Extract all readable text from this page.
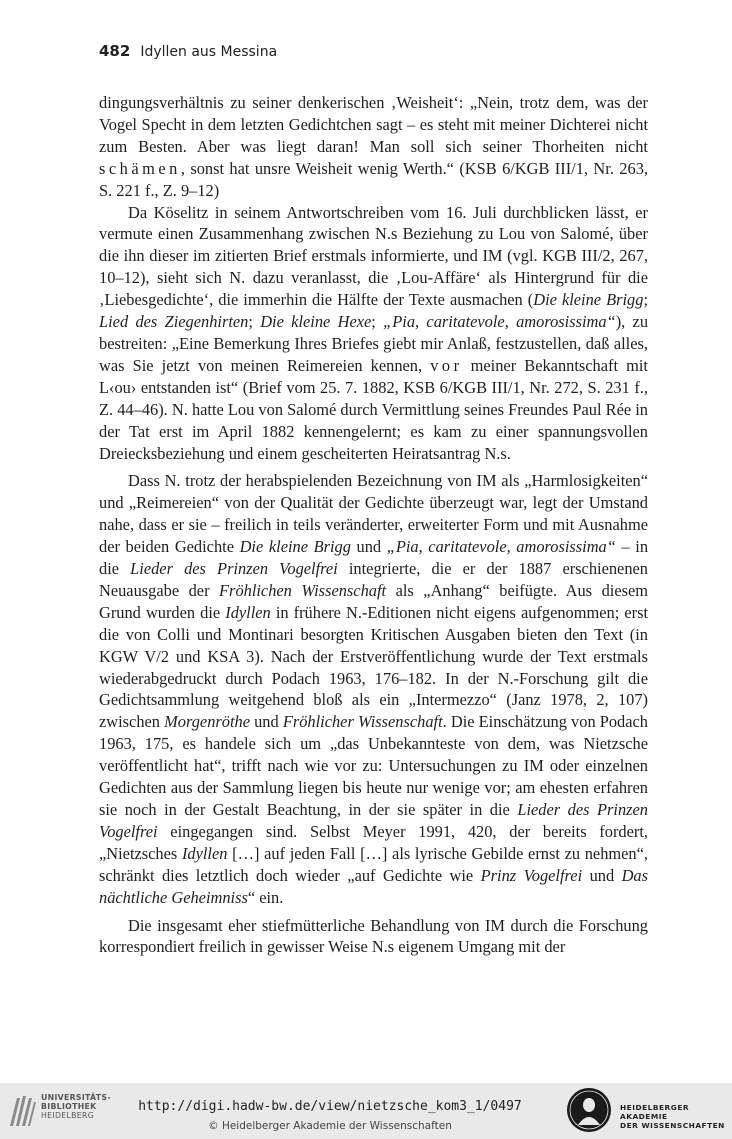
482 Idyllen aus Messina

dingungsverhältnis zu seiner denkerischen ‚Weisheit‘: „Nein, trotz dem, was der Vogel Specht in dem letzten Gedichtchen sagt – es steht mit meiner Dichterei nicht zum Besten. Aber was liegt daran! Man soll sich seiner Thorheiten nicht schämen, sonst hat unsre Weisheit wenig Werth.“ (KSB 6/KGB III/1, Nr. 263, S. 221 f., Z. 9–12)

Da Köselitz in seinem Antwortschreiben vom 16. Juli durchblicken lässt, er vermute einen Zusammenhang zwischen N.s Beziehung zu Lou von Salomé, über die ihn dieser im zitierten Brief erstmals informierte, und IM (vgl. KGB III/2, 267, 10–12), sieht sich N. dazu veranlasst, die ‚Lou-Affäre‘ als Hintergrund für die ‚Liebesgedichte‘, die immerhin die Hälfte der Texte ausmachen (Die kleine Brigg; Lied des Ziegenhirten; Die kleine Hexe; „Pia, caritatevole, amorosissima“), zu bestreiten: „Eine Bemerkung Ihres Briefes giebt mir Anlaß, festzustellen, daß alles, was Sie jetzt von meinen Reimereien kennen, vor meiner Bekanntschaft mit L‹ou› entstanden ist“ (Brief vom 25. 7. 1882, KSB 6/KGB III/1, Nr. 272, S. 231 f., Z. 44–46). N. hatte Lou von Salomé durch Vermittlung seines Freundes Paul Rée in der Tat erst im April 1882 kennengelernt; es kam zu einer spannungsvollen Dreiecksbeziehung und einem gescheiterten Heiratsantrag N.s.

Dass N. trotz der herabspielenden Bezeichnung von IM als „Harmlosigkeiten“ und „Reimereien“ von der Qualität der Gedichte überzeugt war, legt der Umstand nahe, dass er sie – freilich in teils veränderter, erweiterter Form und mit Ausnahme der beiden Gedichte Die kleine Brigg und „Pia, caritatevole, amorosissima“ – in die Lieder des Prinzen Vogelfrei integrierte, die er der 1887 erschienenen Neuausgabe der Fröhlichen Wissenschaft als „Anhang“ beifügte. Aus diesem Grund wurden die Idyllen in frühere N.-Editionen nicht eigens aufgenommen; erst die von Colli und Montinari besorgten Kritischen Ausgaben bieten den Text (in KGW V/2 und KSA 3). Nach der Erstveröffentlichung wurde der Text erstmals wiederabgedruckt durch Podach 1963, 176–182. In der N.-Forschung gilt die Gedichtsammlung weitgehend bloß als ein „Intermezzo“ (Janz 1978, 2, 107) zwischen Morgenröthe und Fröhlicher Wissenschaft. Die Einschätzung von Podach 1963, 175, es handele sich um „das Unbekannteste von dem, was Nietzsche veröffentlicht hat“, trifft nach wie vor zu: Untersuchungen zu IM oder einzelnen Gedichten aus der Sammlung liegen bis heute nur wenige vor; am ehesten erfahren sie noch in der Gestalt Beachtung, in der sie später in die Lieder des Prinzen Vogelfrei eingegangen sind. Selbst Meyer 1991, 420, der bereits fordert, „Nietzsches Idyllen […] auf jeden Fall […] als lyrische Gebilde ernst zu nehmen“, schränkt dies letztlich doch wieder „auf Gedichte wie Prinz Vogelfrei und Das nächtliche Geheimniss“ ein.

Die insgesamt eher stiefmütterliche Behandlung von IM durch die Forschung korrespondiert freilich in gewisser Weise N.s eigenem Umgang mit der

UNIVERSITÄTS-
BIBLIOTHEK
HEIDELBERG
http://digi.hadw-bw.de/view/nietzsche_kom3_1/0497
© Heidelberger Akademie der Wissenschaften
HEIDELBERGER AKADEMIE
DER WISSENSCHAFTEN
